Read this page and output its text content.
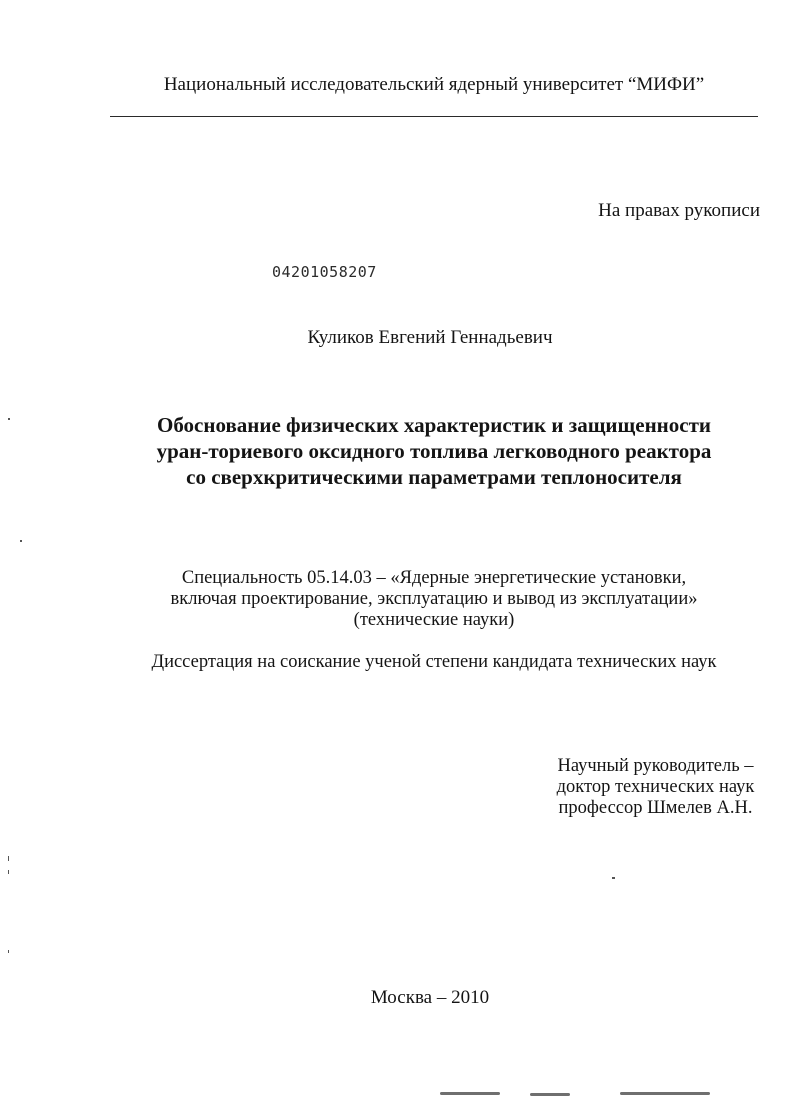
Национальный исследовательский ядерный университет “МИФИ”
На правах рукописи
04201058207
Куликов Евгений Геннадьевич
Обоснование физических характеристик и защищенности
уран-ториевого оксидного топлива легководного реактора
со сверхкритическими параметрами теплоносителя
Специальность 05.14.03 – «Ядерные энергетические установки,
включая проектирование, эксплуатацию и вывод из эксплуатации»
(технические науки)
Диссертация на соискание ученой степени кандидата технических наук
Научный руководитель –
доктор технических наук
профессор Шмелев А.Н.
Москва – 2010
